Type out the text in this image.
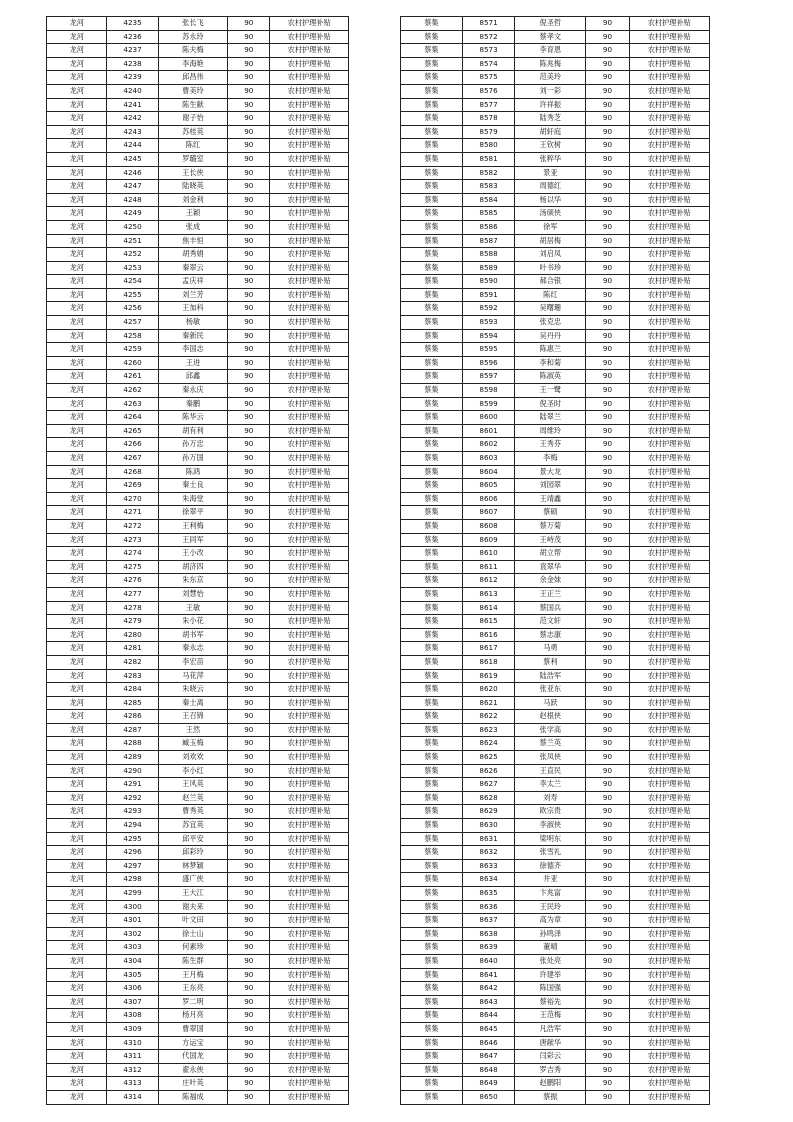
龙河	4235	张长飞	90	农村护理补贴
龙河	4236	苏永玲	90	农村护理补贴
龙河	4237	陈夫梅	90	农村护理补贴
龙河	4238	李海艳	90	农村护理补贴
龙河	4239	邱昌伟	90	农村护理补贴
龙河	4240	曹美玲	90	农村护理补贴
龙河	4241	陈生献	90	农村护理补贴
龙河	4242	谢子怡	90	农村护理补贴
龙河	4243	苏桂英	90	农村护理补贴
龙河	4244	陈红	90	农村护理补贴
龙河	4245	罗璐室	90	农村护理补贴
龙河	4246	王长侠	90	农村护理补贴
龙河	4247	陆晓英	90	农村护理补贴
龙河	4248	刘金利	90	农村护理补贴
龙河	4249	王颖	90	农村护理补贴
龙河	4250	张成	90	农村护理补贴
龙河	4251	焦丰恒	90	农村护理补贴
龙河	4252	胡秀娟	90	农村护理补贴
龙河	4253	秦翠云	90	农村护理补贴
龙河	4254	孟庆祥	90	农村护理补贴
龙河	4255	刘兰芳	90	农村护理补贴
龙河	4256	王加科	90	农村护理补贴
龙河	4257	杨敏	90	农村护理补贴
龙河	4258	秦新民	90	农村护理补贴
龙河	4259	李国志	90	农村护理补贴
龙河	4260	王进	90	农村护理补贴
龙河	4261	邱鑫	90	农村护理补贴
龙河	4262	秦永庆	90	农村护理补贴
龙河	4263	秦鹏	90	农村护理补贴
龙河	4264	陈华云	90	农村护理补贴
龙河	4265	胡有利	90	农村护理补贴
龙河	4266	孙万忠	90	农村护理补贴
龙河	4267	孙万国	90	农村护理补贴
龙河	4268	陈鸿	90	农村护理补贴
龙河	4269	秦士良	90	农村护理补贴
龙河	4270	朱海堂	90	农村护理补贴
龙河	4271	徐翠平	90	农村护理补贴
龙河	4272	王利梅	90	农村护理补贴
龙河	4273	王同军	90	农村护理补贴
龙河	4274	王小改	90	农村护理补贴
龙河	4275	胡济四	90	农村护理补贴
龙河	4276	朱东京	90	农村护理补贴
龙河	4277	刘慧怡	90	农村护理补贴
龙河	4278	王敏	90	农村护理补贴
龙河	4279	朱小花	90	农村护理补贴
龙河	4280	胡书军	90	农村护理补贴
龙河	4281	秦永志	90	农村护理补贴
龙河	4282	李宏苗	90	农村护理补贴
龙河	4283	马花萍	90	农村护理补贴
龙河	4284	朱晓云	90	农村护理补贴
龙河	4285	秦士离	90	农村护理补贴
龙河	4286	王召锦	90	农村护理补贴
龙河	4287	王然	90	农村护理补贴
龙河	4288	臧玉梅	90	农村护理补贴
龙河	4289	刘欢欢	90	农村护理补贴
龙河	4290	李小红	90	农村护理补贴
龙河	4291	王风英	90	农村护理补贴
龙河	4292	赵兰英	90	农村护理补贴
龙河	4293	曹秀英	90	农村护理补贴
龙河	4294	苏宜英	90	农村护理补贴
龙河	4295	邱平安	90	农村护理补贴
龙河	4296	邱彩玲	90	农村护理补贴
龙河	4297	林梦颖	90	农村护理补贴
龙河	4298	盛广侠	90	农村护理补贴
龙河	4299	王大江	90	农村护理补贴
龙河	4300	谢夫来	90	农村护理补贴
龙河	4301	叶文田	90	农村护理补贴
龙河	4302	徐士山	90	农村护理补贴
龙河	4303	何素珍	90	农村护理补贴
龙河	4304	陈生群	90	农村护理补贴
龙河	4305	王月梅	90	农村护理补贴
龙河	4306	王东亮	90	农村护理补贴
龙河	4307	罗二明	90	农村护理补贴
龙河	4308	杨月亮	90	农村护理补贴
龙河	4309	曹翠国	90	农村护理补贴
龙河	4310	方运宝	90	农村护理补贴
龙河	4311	代国龙	90	农村护理补贴
龙河	4312	翟永侠	90	农村护理补贴
龙河	4313	庄叶英	90	农村护理补贴
龙河	4314	陈福成	90	农村护理补贴
蔡集	8571	倪圣哲	90	农村护理补贴
蔡集	8572	蔡孝文	90	农村护理补贴
蔡集	8573	李育恩	90	农村护理补贴
蔡集	8574	陈兆梅	90	农村护理补贴
蔡集	8575	范美玲	90	农村护理补贴
蔡集	8576	刘一彩	90	农村护理补贴
蔡集	8577	许祥振	90	农村护理补贴
蔡集	8578	陆秀芝	90	农村护理补贴
蔡集	8579	胡轩庭	90	农村护理补贴
蔡集	8580	王钦树	90	农村护理补贴
蔡集	8581	张粹华	90	农村护理补贴
蔡集	8582	景亚	90	农村护理补贴
蔡集	8583	周德红	90	农村护理补贴
蔡集	8584	杨以华	90	农村护理补贴
蔡集	8585	汤硕侠	90	农村护理补贴
蔡集	8586	徐军	90	农村护理补贴
蔡集	8587	胡居梅	90	农村护理补贴
蔡集	8588	刘启凤	90	农村护理补贴
蔡集	8589	叶书珍	90	农村护理补贴
蔡集	8590	郝合银	90	农村护理补贴
蔡集	8591	陈红	90	农村护理补贴
蔡集	8592	吴曙珊	90	农村护理补贴
蔡集	8593	张克忠	90	农村护理补贴
蔡集	8594	吴丹丹	90	农村护理补贴
蔡集	8595	陈惠兰	90	农村护理补贴
蔡集	8596	李和菊	90	农村护理补贴
蔡集	8597	陈淑英	90	农村护理补贴
蔡集	8598	王一鹭	90	农村护理补贴
蔡集	8599	倪圣时	90	农村护理补贴
蔡集	8600	陆翠兰	90	农村护理补贴
蔡集	8601	周维玲	90	农村护理补贴
蔡集	8602	王秀芬	90	农村护理补贴
蔡集	8603	李梅	90	农村护理补贴
蔡集	8604	景大龙	90	农村护理补贴
蔡集	8605	刘园翠	90	农村护理补贴
蔡集	8606	王靖鑫	90	农村护理补贴
蔡集	8607	蔡硕	90	农村护理补贴
蔡集	8608	蔡万菊	90	农村护理补贴
蔡集	8609	王峙茂	90	农村护理补贴
蔡集	8610	胡立帮	90	农村护理补贴
蔡集	8611	袁翠华	90	农村护理补贴
蔡集	8612	余金妹	90	农村护理补贴
蔡集	8613	王正兰	90	农村护理补贴
蔡集	8614	蔡国兵	90	农村护理补贴
蔡集	8615	范文轩	90	农村护理补贴
蔡集	8616	蔡志康	90	农村护理补贴
蔡集	8617	马勇	90	农村护理补贴
蔡集	8618	蔡利	90	农村护理补贴
蔡集	8619	陆浩军	90	农村护理补贴
蔡集	8620	张亚东	90	农村护理补贴
蔡集	8621	马跃	90	农村护理补贴
蔡集	8622	赵根侠	90	农村护理补贴
蔡集	8623	张学高	90	农村护理补贴
蔡集	8624	蔡兰英	90	农村护理补贴
蔡集	8625	张凤侠	90	农村护理补贴
蔡集	8626	王直民	90	农村护理补贴
蔡集	8627	李太兰	90	农村护理补贴
蔡集	8628	刘寿	90	农村护理补贴
蔡集	8629	欧宗贵	90	农村护理补贴
蔡集	8630	李淑侠	90	农村护理补贴
蔡集	8631	梁明东	90	农村护理补贴
蔡集	8632	张雪礼	90	农村护理补贴
蔡集	8633	徐德齐	90	农村护理补贴
蔡集	8634	井亚	90	农村护理补贴
蔡集	8635	卞兆富	90	农村护理补贴
蔡集	8636	王民玲	90	农村护理补贴
蔡集	8637	高为章	90	农村护理补贴
蔡集	8638	孙鸣泽	90	农村护理补贴
蔡集	8639	董晴	90	农村护理补贴
蔡集	8640	张处亮	90	农村护理补贴
蔡集	8641	许建举	90	农村护理补贴
蔡集	8642	陈国强	90	农村护理补贴
蔡集	8643	蔡裕先	90	农村护理补贴
蔡集	8644	王范梅	90	农村护理补贴
蔡集	8645	凡浩军	90	农村护理补贴
蔡集	8646	唐献华	90	农村护理补贴
蔡集	8647	闫彩云	90	农村护理补贴
蔡集	8648	罗吉秀	90	农村护理补贴
蔡集	8649	赵鹏阳	90	农村护理补贴
蔡集	8650	蔡振	90	农村护理补贴
